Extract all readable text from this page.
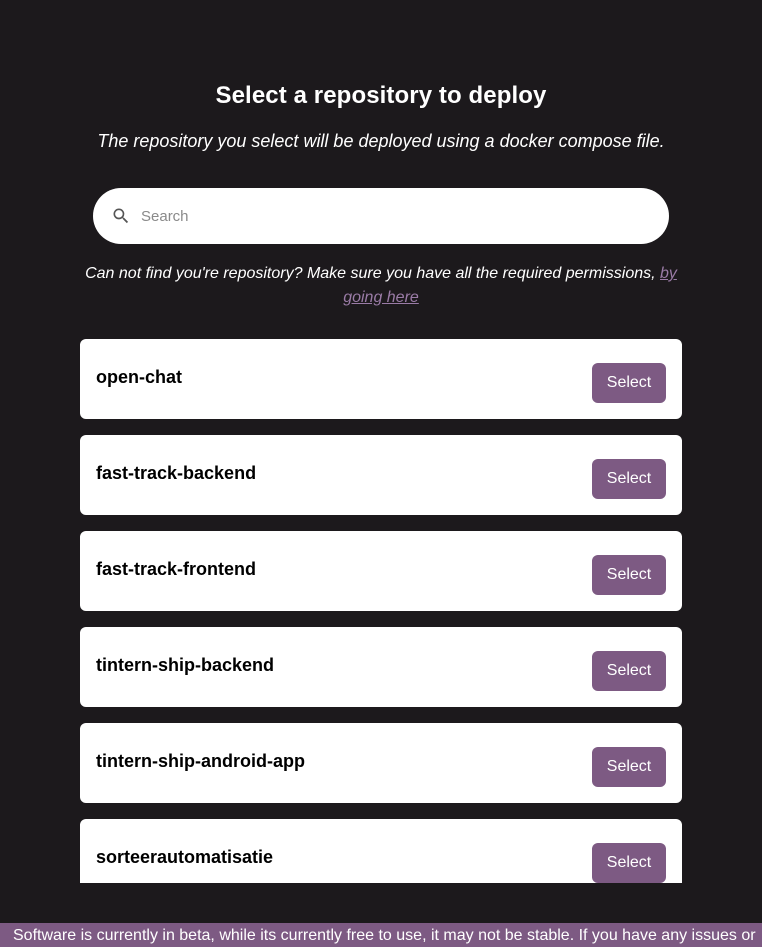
Select a repository to deploy

The repository you select will be deployed using a docker compose file.

Search

Can not find you're repository? Make sure you have all the required permissions, by going here

open-chat	Select
fast-track-backend	Select
fast-track-frontend	Select
tintern-ship-backend	Select
tintern-ship-android-app	Select
sorteerautomatisatie	Select
Software is currently in beta, while its currently free to use, it may not be stable. If you have any issues or
